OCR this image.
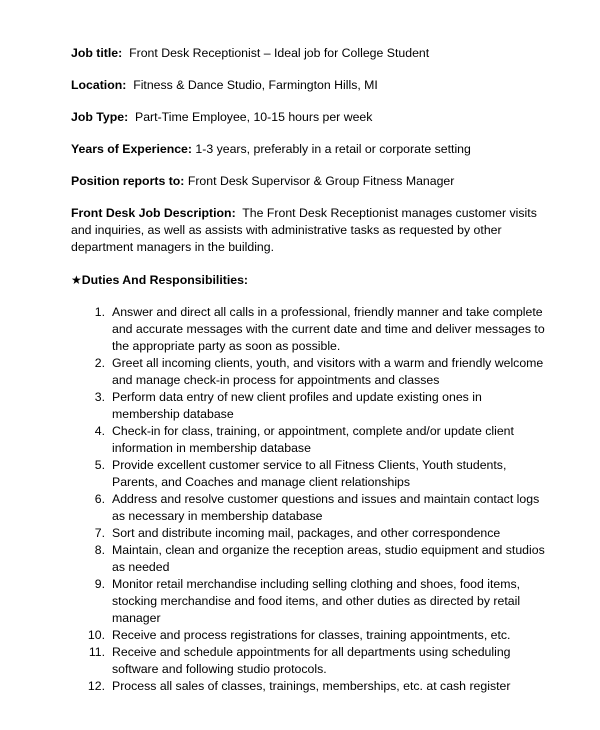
Job title: Front Desk Receptionist – Ideal job for College Student
Location: Fitness & Dance Studio, Farmington Hills, MI
Job Type: Part-Time Employee, 10-15 hours per week
Years of Experience: 1-3 years, preferably in a retail or corporate setting
Position reports to: Front Desk Supervisor & Group Fitness Manager
Front Desk Job Description: The Front Desk Receptionist manages customer visits and inquiries, as well as assists with administrative tasks as requested by other department managers in the building.
★Duties And Responsibilities:
1. Answer and direct all calls in a professional, friendly manner and take complete and accurate messages with the current date and time and deliver messages to the appropriate party as soon as possible.
2. Greet all incoming clients, youth, and visitors with a warm and friendly welcome and manage check-in process for appointments and classes
3. Perform data entry of new client profiles and update existing ones in membership database
4. Check-in for class, training, or appointment, complete and/or update client information in membership database
5. Provide excellent customer service to all Fitness Clients, Youth students, Parents, and Coaches and manage client relationships
6. Address and resolve customer questions and issues and maintain contact logs as necessary in membership database
7. Sort and distribute incoming mail, packages, and other correspondence
8. Maintain, clean and organize the reception areas, studio equipment and studios as needed
9. Monitor retail merchandise including selling clothing and shoes, food items, stocking merchandise and food items, and other duties as directed by retail manager
10. Receive and process registrations for classes, training appointments, etc.
11. Receive and schedule appointments for all departments using scheduling software and following studio protocols.
12. Process all sales of classes, trainings, memberships, etc. at cash register
